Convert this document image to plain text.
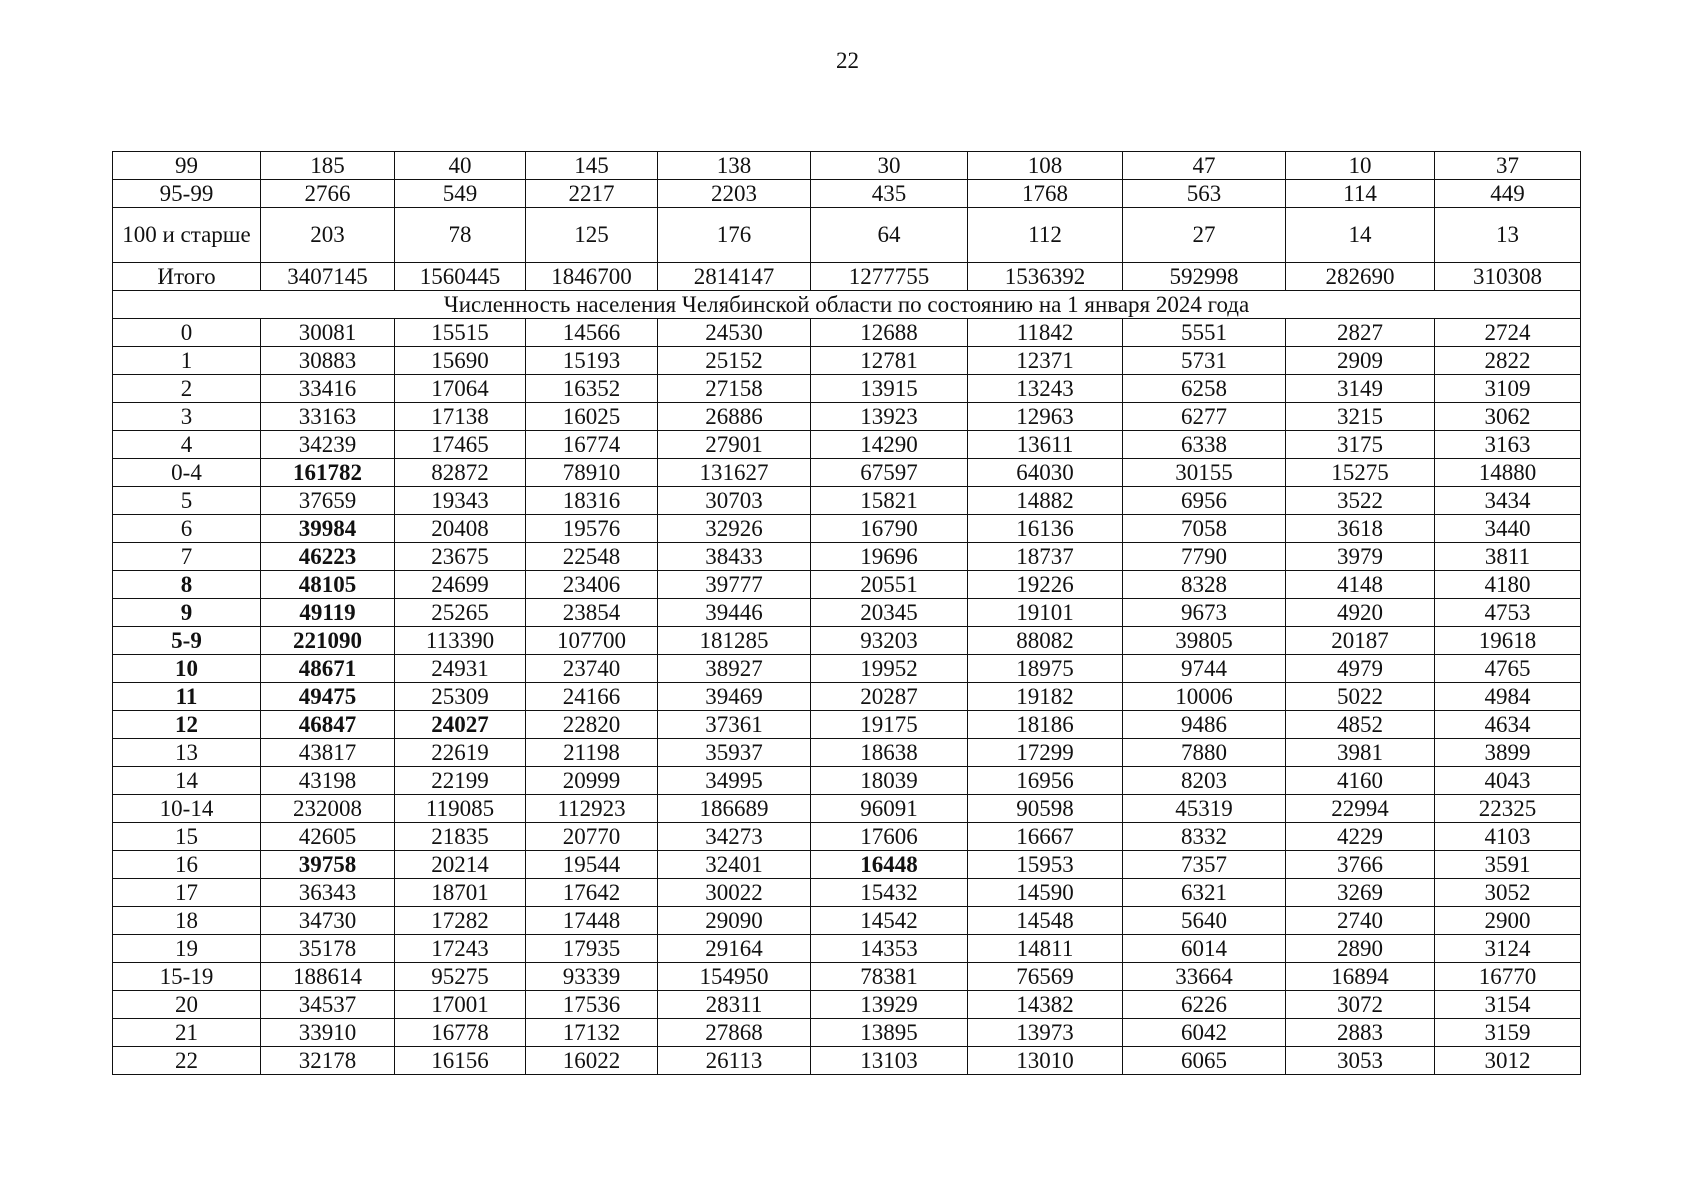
22
99	185	40	145	138	30	108	47	10	37
95-99	2766	549	2217	2203	435	1768	563	114	449
100 и старше	203	78	125	176	64	112	27	14	13
Итого	3407145	1560445	1846700	2814147	1277755	1536392	592998	282690	310308
Численность населения Челябинской области по состоянию на 1 января 2024 года									
0	30081	15515	14566	24530	12688	11842	5551	2827	2724
1	30883	15690	15193	25152	12781	12371	5731	2909	2822
2	33416	17064	16352	27158	13915	13243	6258	3149	3109
3	33163	17138	16025	26886	13923	12963	6277	3215	3062
4	34239	17465	16774	27901	14290	13611	6338	3175	3163
0-4	161782	82872	78910	131627	67597	64030	30155	15275	14880
5	37659	19343	18316	30703	15821	14882	6956	3522	3434
6	39984	20408	19576	32926	16790	16136	7058	3618	3440
7	46223	23675	22548	38433	19696	18737	7790	3979	3811
8	48105	24699	23406	39777	20551	19226	8328	4148	4180
9	49119	25265	23854	39446	20345	19101	9673	4920	4753
5-9	221090	113390	107700	181285	93203	88082	39805	20187	19618
10	48671	24931	23740	38927	19952	18975	9744	4979	4765
11	49475	25309	24166	39469	20287	19182	10006	5022	4984
12	46847	24027	22820	37361	19175	18186	9486	4852	4634
13	43817	22619	21198	35937	18638	17299	7880	3981	3899
14	43198	22199	20999	34995	18039	16956	8203	4160	4043
10-14	232008	119085	112923	186689	96091	90598	45319	22994	22325
15	42605	21835	20770	34273	17606	16667	8332	4229	4103
16	39758	20214	19544	32401	16448	15953	7357	3766	3591
17	36343	18701	17642	30022	15432	14590	6321	3269	3052
18	34730	17282	17448	29090	14542	14548	5640	2740	2900
19	35178	17243	17935	29164	14353	14811	6014	2890	3124
15-19	188614	95275	93339	154950	78381	76569	33664	16894	16770
20	34537	17001	17536	28311	13929	14382	6226	3072	3154
21	33910	16778	17132	27868	13895	13973	6042	2883	3159
22	32178	16156	16022	26113	13103	13010	6065	3053	3012
